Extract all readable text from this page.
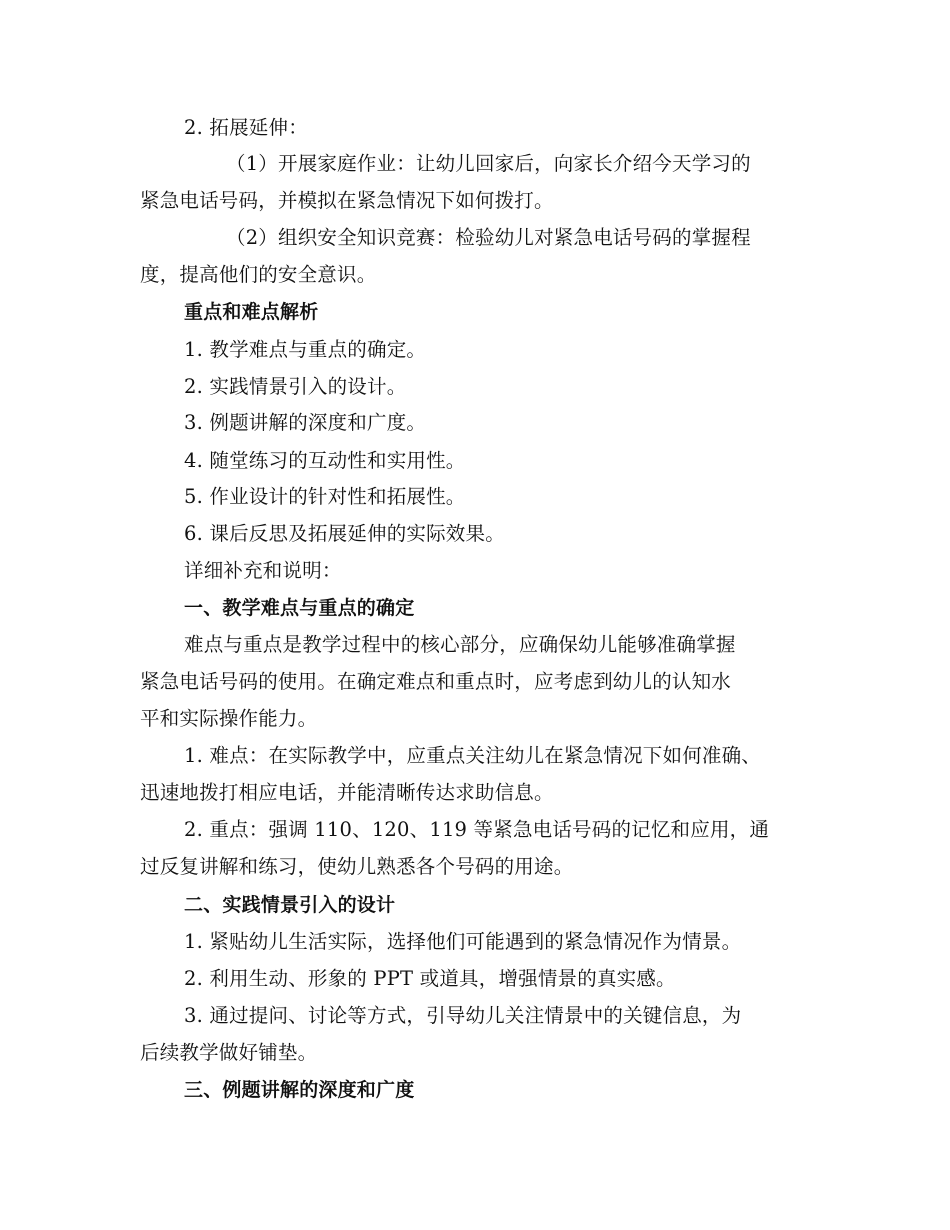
2. 拓展延伸：
（1）开展家庭作业：让幼儿回家后，向家长介绍今天学习的
紧急电话号码，并模拟在紧急情况下如何拨打。
（2）组织安全知识竞赛：检验幼儿对紧急电话号码的掌握程
度，提高他们的安全意识。
重点和难点解析
1. 教学难点与重点的确定。
2. 实践情景引入的设计。
3. 例题讲解的深度和广度。
4. 随堂练习的互动性和实用性。
5. 作业设计的针对性和拓展性。
6. 课后反思及拓展延伸的实际效果。
详细补充和说明：
一、教学难点与重点的确定
难点与重点是教学过程中的核心部分，应确保幼儿能够准确掌握
紧急电话号码的使用。在确定难点和重点时，应考虑到幼儿的认知水
平和实际操作能力。
1. 难点：在实际教学中，应重点关注幼儿在紧急情况下如何准确、
迅速地拨打相应电话，并能清晰传达求助信息。
2. 重点：强调 110、120、119 等紧急电话号码的记忆和应用，通
过反复讲解和练习，使幼儿熟悉各个号码的用途。
二、实践情景引入的设计
1. 紧贴幼儿生活实际，选择他们可能遇到的紧急情况作为情景。
2. 利用生动、形象的 PPT 或道具，增强情景的真实感。
3. 通过提问、讨论等方式，引导幼儿关注情景中的关键信息，为
后续教学做好铺垫。
三、例题讲解的深度和广度
